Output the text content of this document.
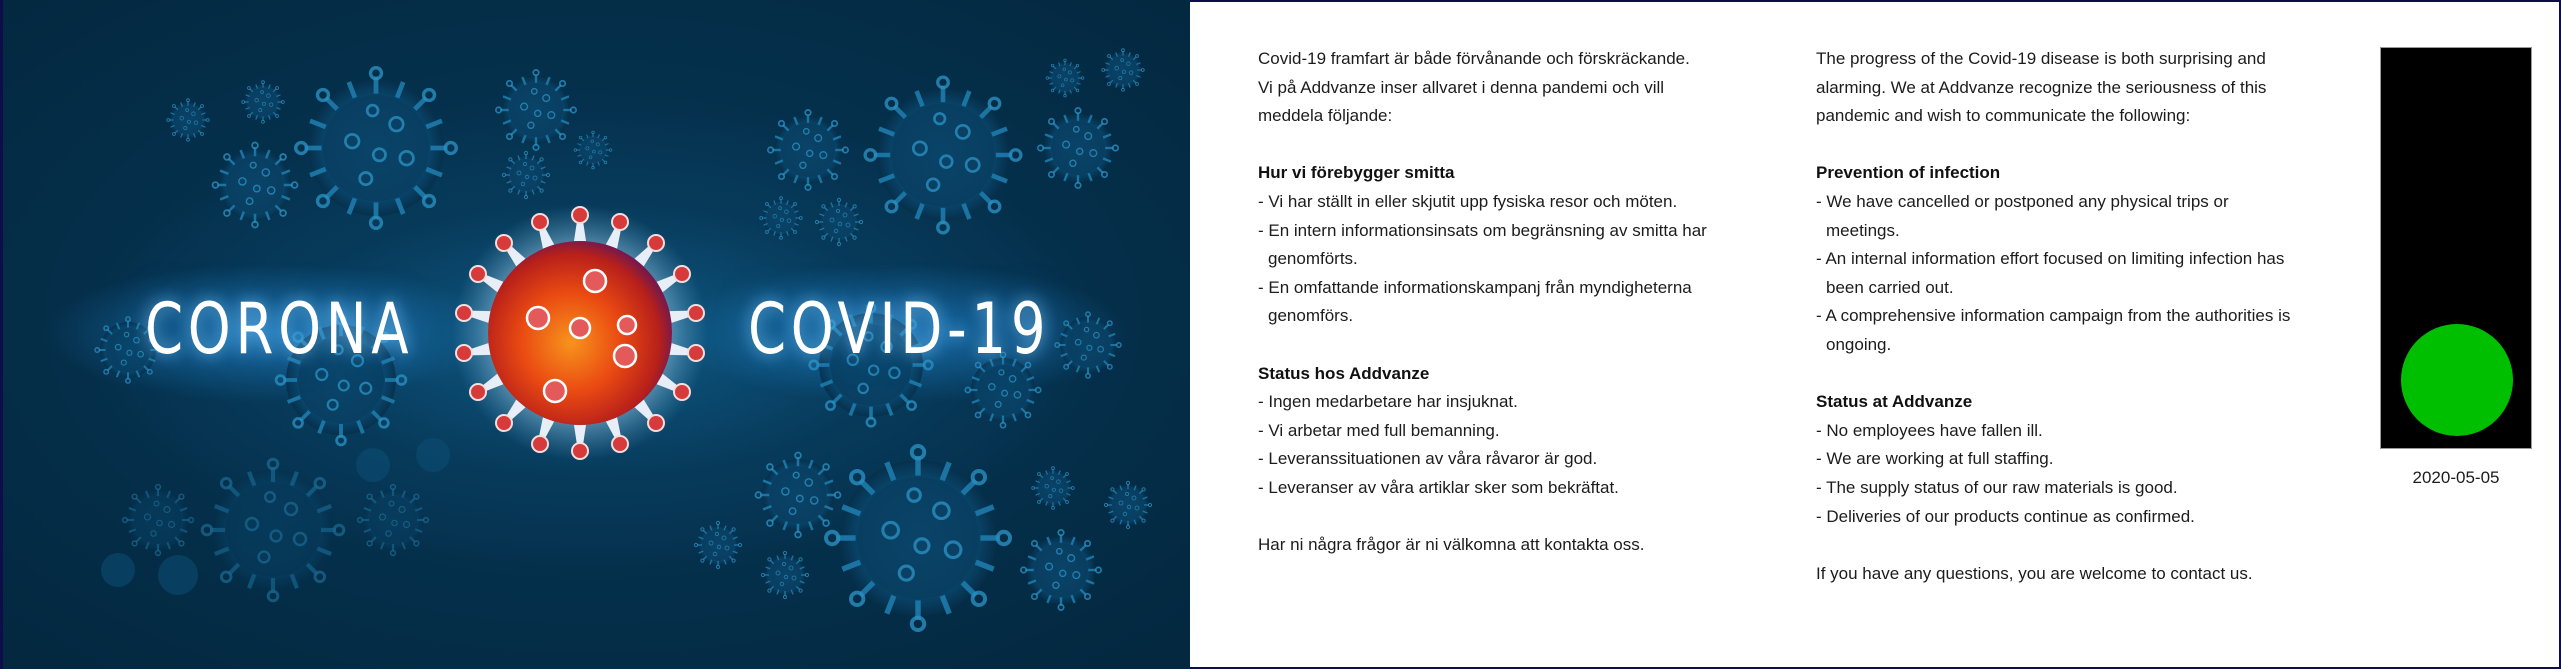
CORONA	COVID-19

Covid-19 framfart är både förvånande och förskräckande.

Vi på Addvanze inser allvaret i denna pandemi och vill

meddela följande:

Hur vi förebygger smitta

- Vi har ställt in eller skjutit upp fysiska resor och möten.

- En intern informationsinsats om begränsning av smitta har genomförts.

- En omfattande informationskampanj från myndigheterna genomförs.

Status hos Addvanze

- Ingen medarbetare har insjuknat.

- Vi arbetar med full bemanning.

- Leveranssituationen av våra råvaror är god.

- Leveranser av våra artiklar sker som bekräftat.

Har ni några frågor är ni välkomna att kontakta oss.

The progress of the Covid-19 disease is both surprising and

alarming. We at Addvanze recognize the seriousness of this

pandemic and wish to communicate the following:

Prevention of infection

- We have cancelled or postponed any physical trips or meetings.

- An internal information effort focused on limiting infection has been carried out.

- A comprehensive information campaign from the authorities is ongoing.

Status at Addvanze

- No employees have fallen ill.

- We are working at full staffing.

- The supply status of our raw materials is good.

- Deliveries of our products continue as confirmed.

If you have any questions, you are welcome to contact us.

2020-05-05
